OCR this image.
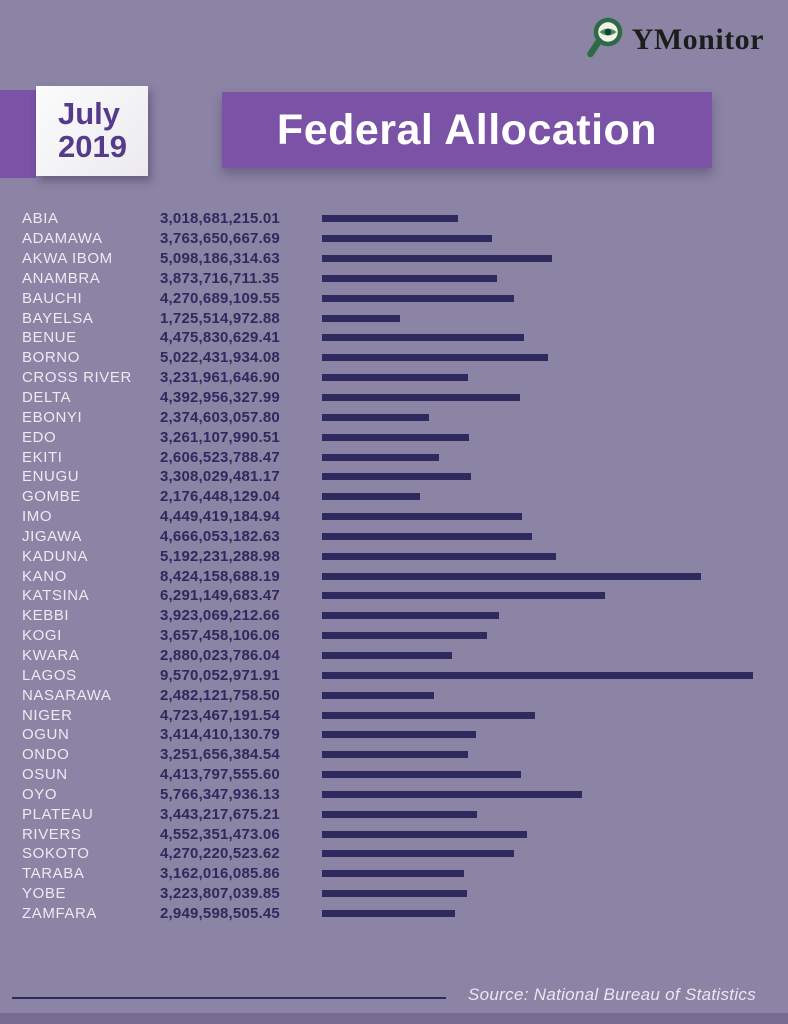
YMonitor
July
2019	Federal Allocation
ABIA	3,018,681,215.01
ADAMAWA	3,763,650,667.69
AKWA IBOM	5,098,186,314.63
ANAMBRA	3,873,716,711.35
BAUCHI	4,270,689,109.55
BAYELSA	1,725,514,972.88
BENUE	4,475,830,629.41
BORNO	5,022,431,934.08
CROSS RIVER	3,231,961,646.90
DELTA	4,392,956,327.99
EBONYI	2,374,603,057.80
EDO	3,261,107,990.51
EKITI	2,606,523,788.47
ENUGU	3,308,029,481.17
GOMBE	2,176,448,129.04
IMO	4,449,419,184.94
JIGAWA	4,666,053,182.63
KADUNA	5,192,231,288.98
KANO	8,424,158,688.19
KATSINA	6,291,149,683.47
KEBBI	3,923,069,212.66
KOGI	3,657,458,106.06
KWARA	2,880,023,786.04
LAGOS	9,570,052,971.91
NASARAWA	2,482,121,758.50
NIGER	4,723,467,191.54
OGUN	3,414,410,130.79
ONDO	3,251,656,384.54
OSUN	4,413,797,555.60
OYO	5,766,347,936.13
PLATEAU	3,443,217,675.21
RIVERS	4,552,351,473.06
SOKOTO	4,270,220,523.62
TARABA	3,162,016,085.86
YOBE	3,223,807,039.85
ZAMFARA	2,949,598,505.45
Source: National Bureau of Statistics
